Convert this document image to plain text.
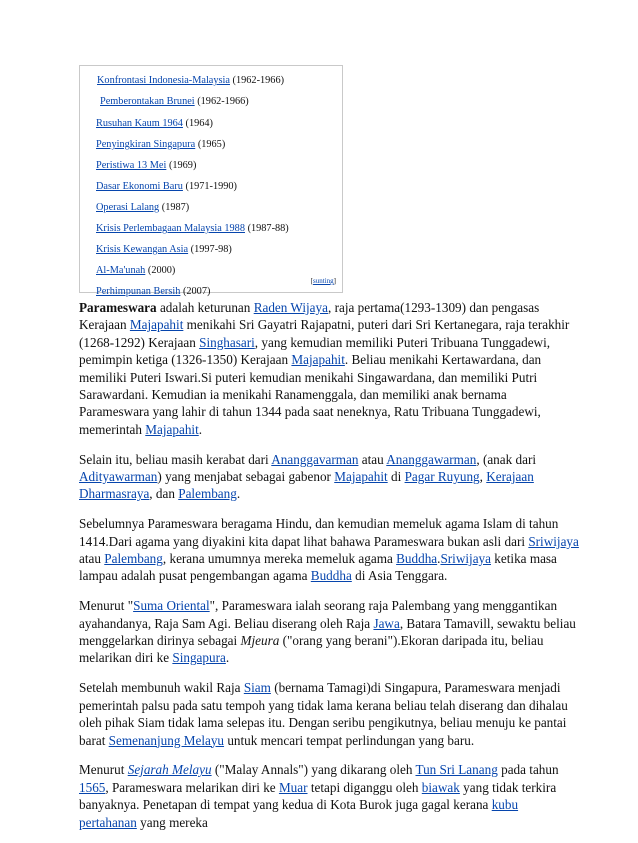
Konfrontasi Indonesia-Malaysia (1962-1966)
Pemberontakan Brunei (1962-1966)
Rusuhan Kaum 1964 (1964)
Penyingkiran Singapura (1965)
Peristiwa 13 Mei (1969)
Dasar Ekonomi Baru (1971-1990)
Operasi Lalang (1987)
Krisis Perlembagaan Malaysia 1988 (1987-88)
Krisis Kewangan Asia (1997-98)
Al-Ma'unah (2000)
Perhimpunan Bersih (2007)
[sunting]

Parameswara adalah keturunan Raden Wijaya, raja pertama(1293-1309) dan pengasas Kerajaan Majapahit menikahi Sri Gayatri Rajapatni, puteri dari Sri Kertanegara, raja terakhir (1268-1292) Kerajaan Singhasari, yang kemudian memiliki Puteri Tribuana Tunggadewi, pemimpin ketiga (1326-1350) Kerajaan Majapahit. Beliau menikahi Kertawardana, dan memiliki Puteri Iswari.Si puteri kemudian menikahi Singawardana, dan memiliki Putri Sarawardani. Kemudian ia menikahi Ranamenggala, dan memiliki anak bernama Parameswara yang lahir di tahun 1344 pada saat neneknya, Ratu Tribuana Tunggadewi, memerintah Majapahit.

Selain itu, beliau masih kerabat dari Ananggavarman atau Ananggawarman, (anak dari Adityawarman) yang menjabat sebagai gabenor Majapahit di Pagar Ruyung, Kerajaan Dharmasraya, dan Palembang.

Sebelumnya Parameswara beragama Hindu, dan kemudian memeluk agama Islam di tahun 1414.Dari agama yang diyakini kita dapat lihat bahawa Parameswara bukan asli dari Sriwijaya atau Palembang, kerana umumnya mereka memeluk agama Buddha.Sriwijaya ketika masa lampau adalah pusat pengembangan agama Buddha di Asia Tenggara.

Menurut "Suma Oriental", Parameswara ialah seorang raja Palembang yang menggantikan ayahandanya, Raja Sam Agi. Beliau diserang oleh Raja Jawa, Batara Tamavill, sewaktu beliau menggelarkan dirinya sebagai Mjeura ("orang yang berani").Ekoran daripada itu, beliau melarikan diri ke Singapura.

Setelah membunuh wakil Raja Siam (bernama Tamagi)di Singapura, Parameswara menjadi pemerintah palsu pada satu tempoh yang tidak lama kerana beliau telah diserang dan dihalau oleh pihak Siam tidak lama selepas itu. Dengan seribu pengikutnya, beliau menuju ke pantai barat Semenanjung Melayu untuk mencari tempat perlindungan yang baru.

Menurut Sejarah Melayu ("Malay Annals") yang dikarang oleh Tun Sri Lanang pada tahun 1565, Parameswara melarikan diri ke Muar tetapi diganggu oleh biawak yang tidak terkira banyaknya. Penetapan di tempat yang kedua di Kota Burok juga gagal kerana kubu pertahanan yang mereka
